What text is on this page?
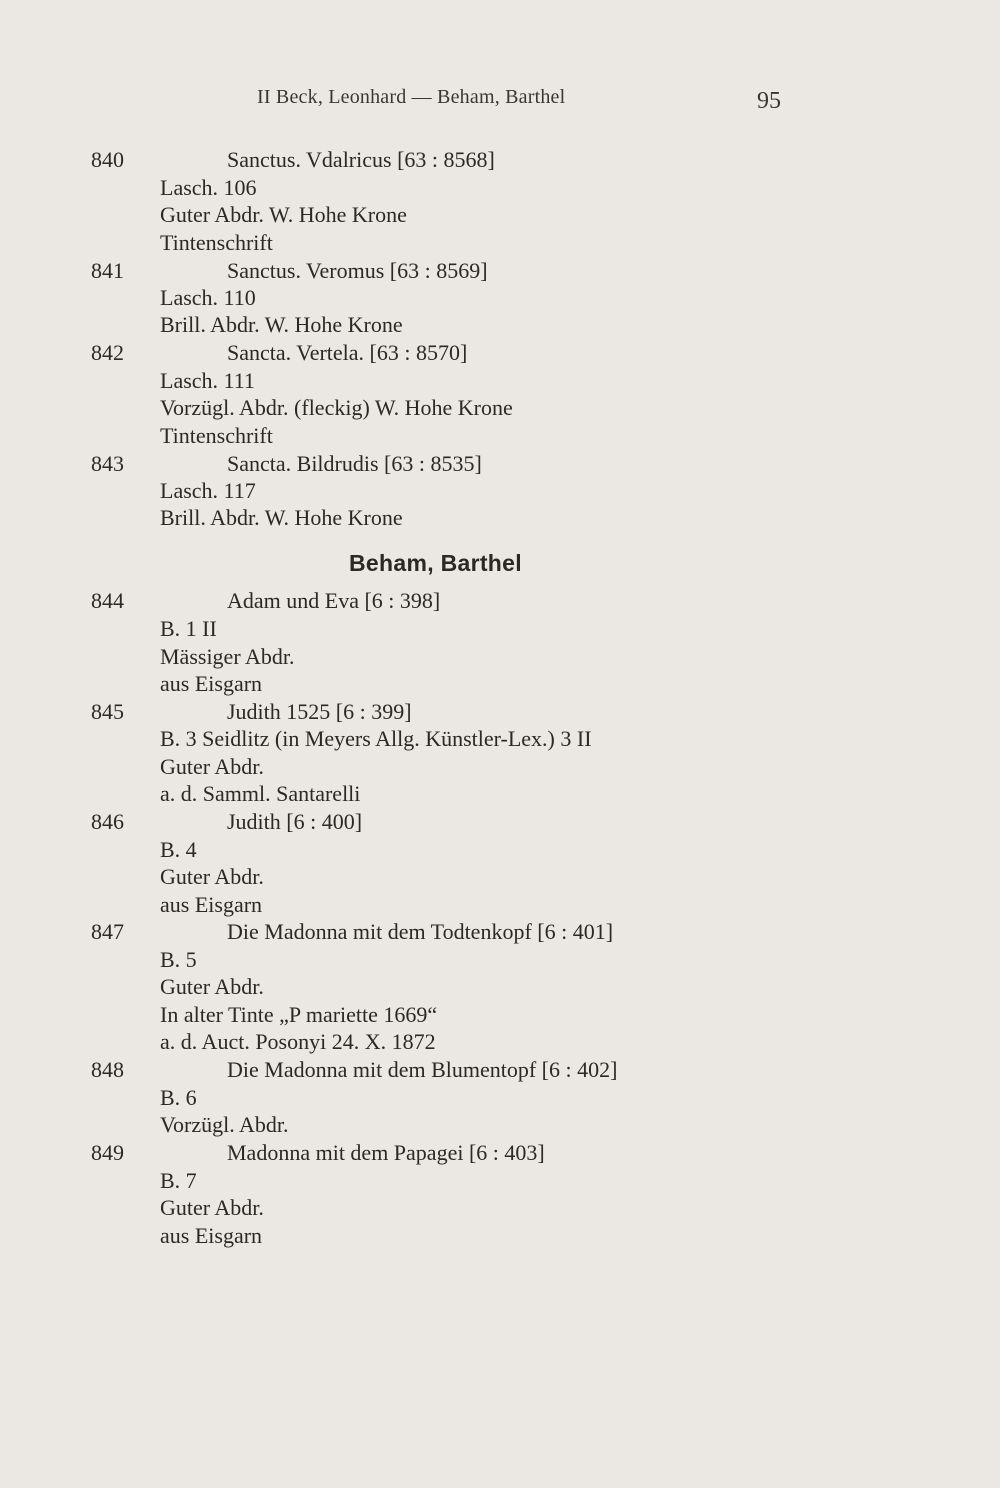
II Beck, Leonhard — Beham, Barthel	95
Beham, Barthel
840	Sanctus. Vdalricus [63 : 8568]
Lasch. 106
Guter Abdr. W. Hohe Krone
Tintenschrift
841	Sanctus. Veromus [63 : 8569]
Lasch. 110
Brill. Abdr. W. Hohe Krone
842	Sancta. Vertela. [63 : 8570]
Lasch. 111
Vorzügl. Abdr. (fleckig) W. Hohe Krone
Tintenschrift
843	Sancta. Bildrudis [63 : 8535]
Lasch. 117
Brill. Abdr. W. Hohe Krone
844	Adam und Eva [6 : 398]
B. 1 II
Mässiger Abdr.
aus Eisgarn
845	Judith 1525 [6 : 399]
B. 3 Seidlitz (in Meyers Allg. Künstler-Lex.) 3 II
Guter Abdr.
a. d. Samml. Santarelli
846	Judith [6 : 400]
B. 4
Guter Abdr.
aus Eisgarn
847	Die Madonna mit dem Todtenkopf [6 : 401]
B. 5
Guter Abdr.
In alter Tinte „P mariette 1669“
a. d. Auct. Posonyi 24. X. 1872
848	Die Madonna mit dem Blumentopf [6 : 402]
B. 6
Vorzügl. Abdr.
849	Madonna mit dem Papagei [6 : 403]
B. 7
Guter Abdr.
aus Eisgarn
